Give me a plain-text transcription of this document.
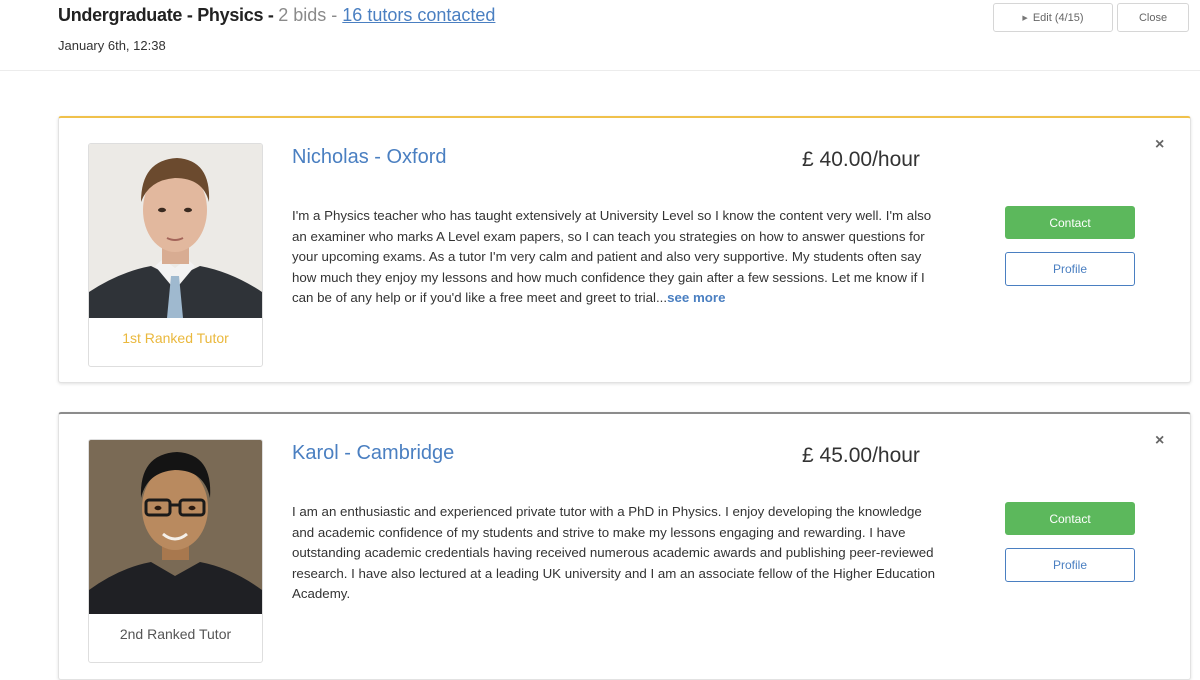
Undergraduate - Physics - 2 bids - 16 tutors contacted
January 6th, 12:38
▶ Edit (4/15)	Close
1st Ranked Tutor
Nicholas - Oxford	£ 40.00/hour
I'm a Physics teacher who has taught extensively at University Level so I know the content very well. I'm also an examiner who marks A Level exam papers, so I can teach you strategies on how to answer questions for your upcoming exams. As a tutor I'm very calm and patient and also very supportive. My students often say how much they enjoy my lessons and how much confidence they gain after a few sessions. Let me know if I can be of any help or if you'd like a free meet and greet to trial...see more
×
Contact
Profile
2nd Ranked Tutor
Karol - Cambridge	£ 45.00/hour
I am an enthusiastic and experienced private tutor with a PhD in Physics. I enjoy developing the knowledge and academic confidence of my students and strive to make my lessons engaging and rewarding. I have outstanding academic credentials having received numerous academic awards and publishing peer-reviewed research. I have also lectured at a leading UK university and I am an associate fellow of the Higher Education Academy.
×
Contact
Profile
